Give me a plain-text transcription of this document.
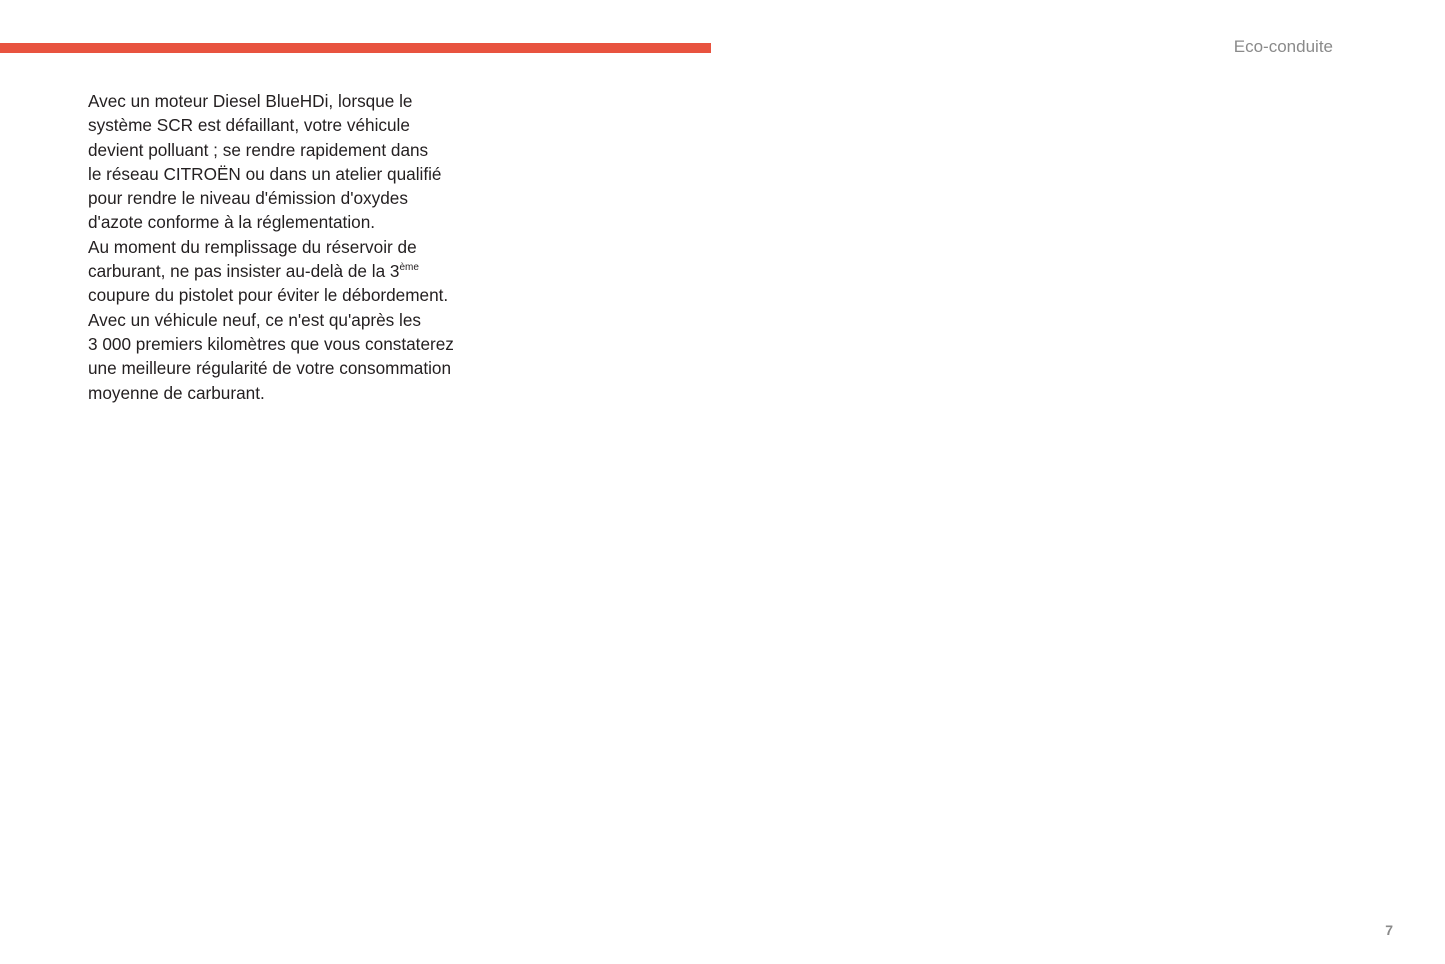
Eco-conduite

Avec un moteur Diesel BlueHDi, lorsque le
système SCR est défaillant, votre véhicule
devient polluant ; se rendre rapidement dans
le réseau CITROËN ou dans un atelier qualifié
pour rendre le niveau d'émission d'oxydes
d'azote conforme à la réglementation.

Au moment du remplissage du réservoir de
carburant, ne pas insister au-delà de la 3ème
coupure du pistolet pour éviter le débordement.

Avec un véhicule neuf, ce n'est qu'après les
3 000 premiers kilomètres que vous constaterez
une meilleure régularité de votre consommation
moyenne de carburant.

7
